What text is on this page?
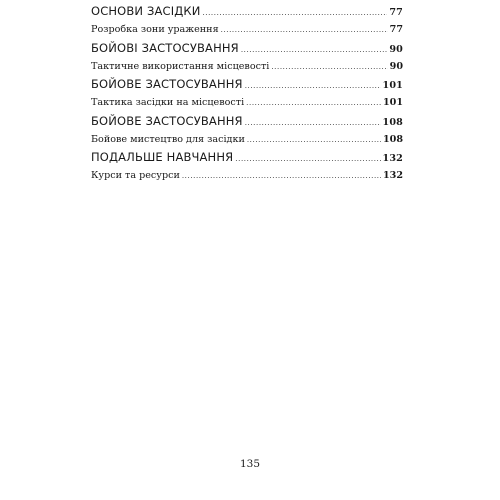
ОСНОВИ ЗАСІДКИ .....	77
Розробка зони ураження .....	77
БОЙОВІ ЗАСТОСУВАННЯ .....	90
Тактичне використання місцевості .....	90
БОЙОВЕ ЗАСТОСУВАННЯ .....	101
Тактика засідки на місцевості .....	101
БОЙОВЕ ЗАСТОСУВАННЯ .....	108
Бойове мистецтво для засідки .....	108
ПОДАЛЬШЕ НАВЧАННЯ .....	132
Курси та ресурси .....	132
135
